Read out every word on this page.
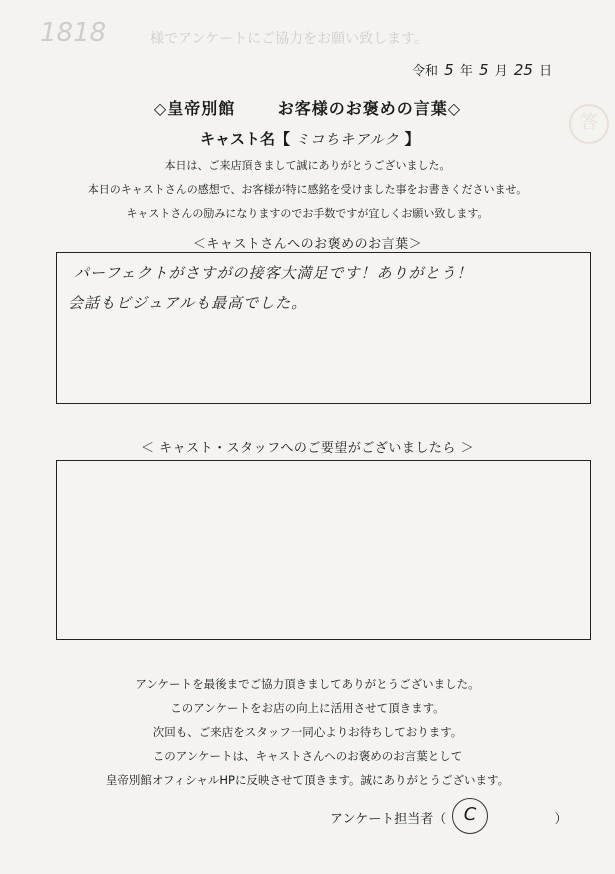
様でアンケートにご協力をお願い致します。
1818
答
令和 5 年 5 月 25 日
◇皇帝別館	お客様のお褒めの言葉◇
キャスト名【 ミコちキアルク 】
本日は、ご来店頂きまして誠にありがとうございました。
本日のキャストさんの感想で、お客様が特に感銘を受けました事をお書きくださいませ。
キャストさんの励みになりますのでお手数ですが宜しくお願い致します。
＜キャストさんへのお褒めのお言葉＞
パーフェクトがさすがの接客大満足です！ありがとう！
会話もビジュアルも最高でした。
＜ キャスト・スタッフへのご要望がございましたら ＞
アンケートを最後までご協力頂きましてありがとうございました。
このアンケートをお店の向上に活用させて頂きます。
次回も、ご来店をスタッフ一同心よりお待ちしております。
このアンケートは、キャストさんへのお褒めのお言葉として
皇帝別館オフィシャルHPに反映させて頂きます。誠にありがとうございます。
アンケート担当者（	）
C
